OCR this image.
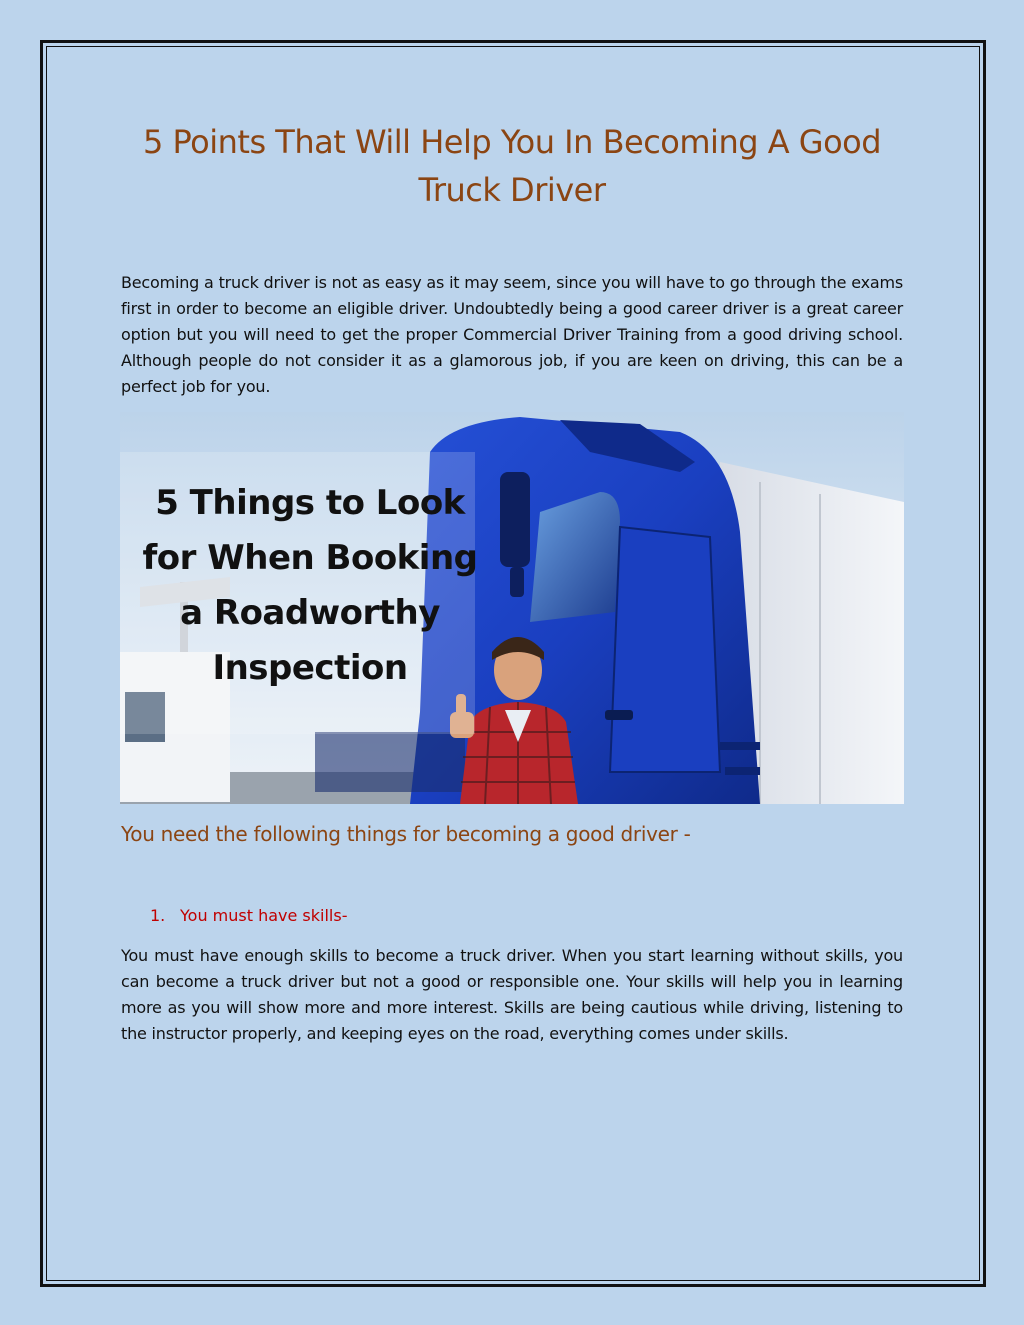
5 Points That Will Help You In Becoming A Good Truck Driver
Becoming a truck driver is not as easy as it may seem, since you will have to go through the exams first in order to become an eligible driver. Undoubtedly being a good career driver is a great career option but you will need to get the proper Commercial Driver Training from a good driving school. Although people do not consider it as a glamorous job, if you are keen on driving, this can be a perfect job for you.
5 Things to Look for When Booking a Roadworthy Inspection
You need the following things for becoming a good driver -
1. You must have skills-
You must have enough skills to become a truck driver. When you start learning without skills, you can become a truck driver but not a good or responsible one. Your skills will help you in learning more as you will show more and more interest. Skills are being cautious while driving, listening to the instructor properly, and keeping eyes on the road, everything comes under skills.
